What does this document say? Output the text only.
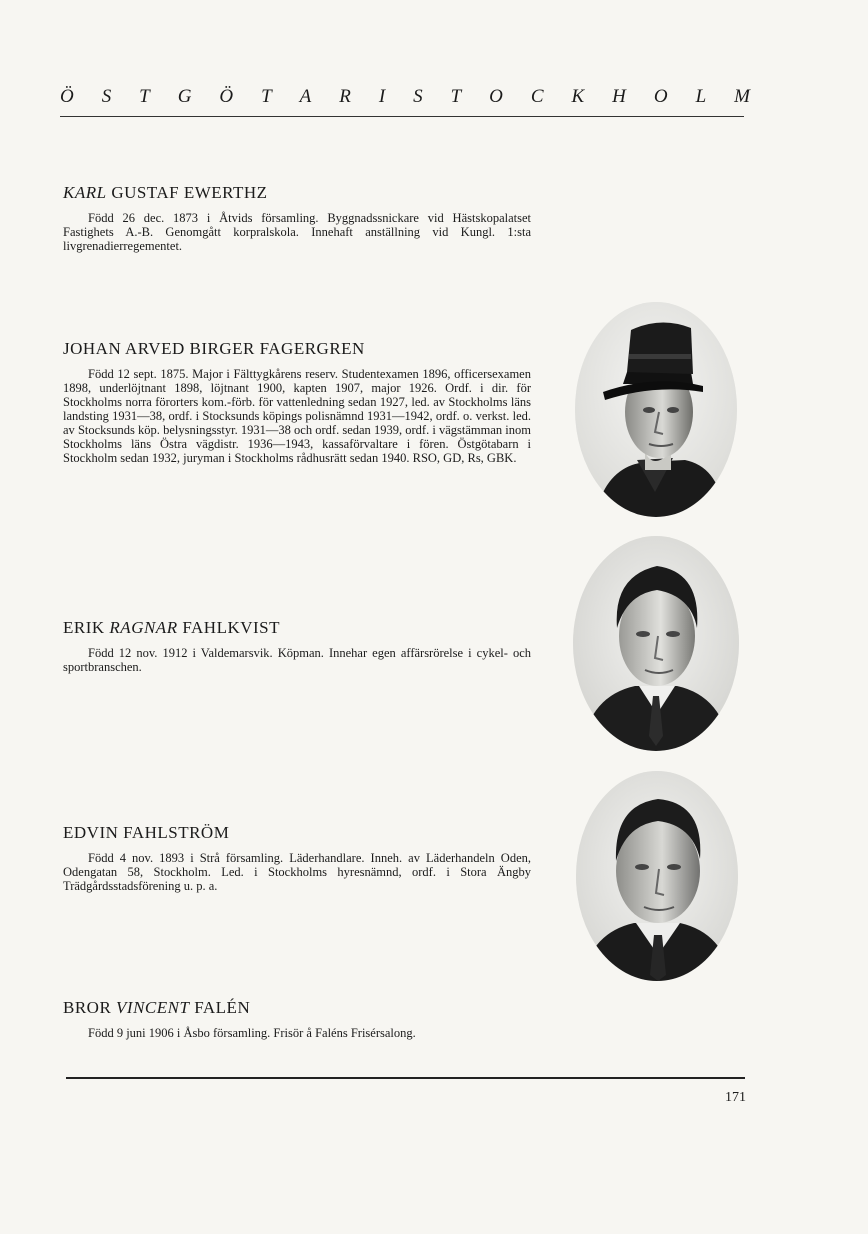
Ö S T G Ö T A R I S T O C K H O L M
KARL GUSTAF EWERTHZ

Född 26 dec. 1873 i Åtvids församling. Byggnadssnickare vid Hästskopalatset Fastighets A.-B. Genomgått korpralskola. Innehaft anställning vid Kungl. 1:sta livgrenadierregementet.

JOHAN ARVED BIRGER FAGERGREN

Född 12 sept. 1875. Major i Fälttygkårens reserv. Studentexamen 1896, officersexamen 1898, underlöjtnant 1898, löjtnant 1900, kapten 1907, major 1926. Ordf. i dir. för Stockholms norra förorters kom.-förb. för vattenledning sedan 1927, led. av Stockholms läns landsting 1931—38, ordf. i Stocksunds köpings polisnämnd 1931—1942, ordf. o. verkst. led. av Stocksunds köp. belysningsstyr. 1931—38 och ordf. sedan 1939, ordf. i vägstämman inom Stockholms läns Östra vägdistr. 1936—1943, kassaförvaltare i fören. Östgötabarn i Stockholm sedan 1932, juryman i Stockholms rådhusrätt sedan 1940. RSO, GD, Rs, GBK.

ERIK RAGNAR FAHLKVIST

Född 12 nov. 1912 i Valdemarsvik. Köpman. Innehar egen affärsrörelse i cykel- och sportbranschen.

EDVIN FAHLSTRÖM

Född 4 nov. 1893 i Strå församling. Läderhandlare. Inneh. av Läderhandeln Oden, Odengatan 58, Stockholm. Led. i Stockholms hyresnämnd, ordf. i Stora Ängby Trädgårdsstadsförening u. p. a.

BROR VINCENT FALÉN

Född 9 juni 1906 i Åsbo församling. Frisör å Faléns Frisérsalong.

171
